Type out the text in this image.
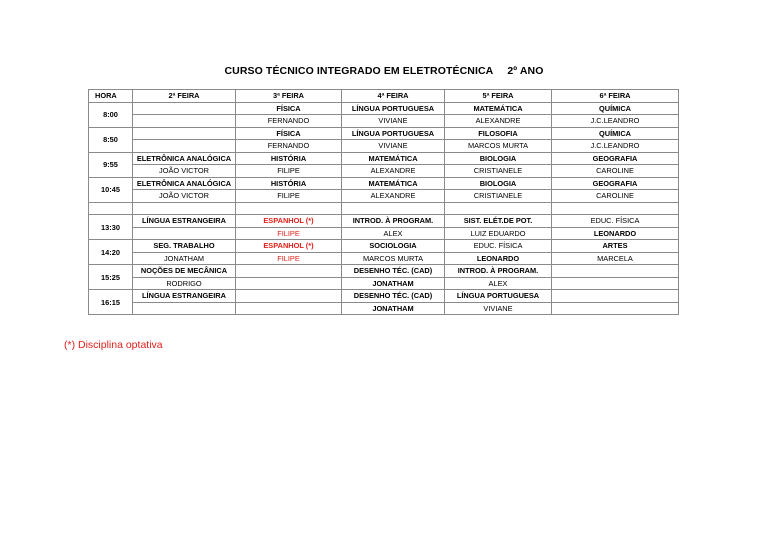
CURSO TÉCNICO INTEGRADO EM ELETROTÉCNICA 2º ANO
HORA	2ª FEIRA	3ª FEIRA	4ª FEIRA	5ª FEIRA	6ª FEIRA
8:00		FÍSICA	LÍNGUA PORTUGUESA	MATEMÁTICA	QUÍMICA
		FERNANDO	VIVIANE	ALEXANDRE	J.C.LEANDRO
8:50		FÍSICA	LÍNGUA PORTUGUESA	FILOSOFIA	QUÍMICA
		FERNANDO	VIVIANE	MARCOS MURTA	J.C.LEANDRO
9:55	ELETRÔNICA ANALÓGICA	HISTÓRIA	MATEMÁTICA	BIOLOGIA	GEOGRAFIA
	JOÃO VICTOR	FILIPE	ALEXANDRE	CRISTIANELE	CAROLINE
10:45	ELETRÔNICA ANALÓGICA	HISTÓRIA	MATEMÁTICA	BIOLOGIA	GEOGRAFIA
	JOÃO VICTOR	FILIPE	ALEXANDRE	CRISTIANELE	CAROLINE

13:30	LÍNGUA ESTRANGEIRA	ESPANHOL (*)	INTROD. À PROGRAM.	SIST. ELÉT.DE POT.	EDUC. FÍSICA
		FILIPE	ALEX	LUIZ EDUARDO	LEONARDO
14:20	SEG. TRABALHO	ESPANHOL (*)	SOCIOLOGIA	EDUC. FÍSICA	ARTES
	JONATHAM	FILIPE	MARCOS MURTA	LEONARDO	MARCELA
15:25	NOÇÕES DE MECÂNICA		DESENHO TÉC. (CAD)	INTROD. À PROGRAM.	
	RODRIGO		JONATHAM	ALEX	
16:15	LÍNGUA ESTRANGEIRA		DESENHO TÉC. (CAD)	LÍNGUA PORTUGUESA	
			JONATHAM	VIVIANE	
(*) Disciplina optativa
